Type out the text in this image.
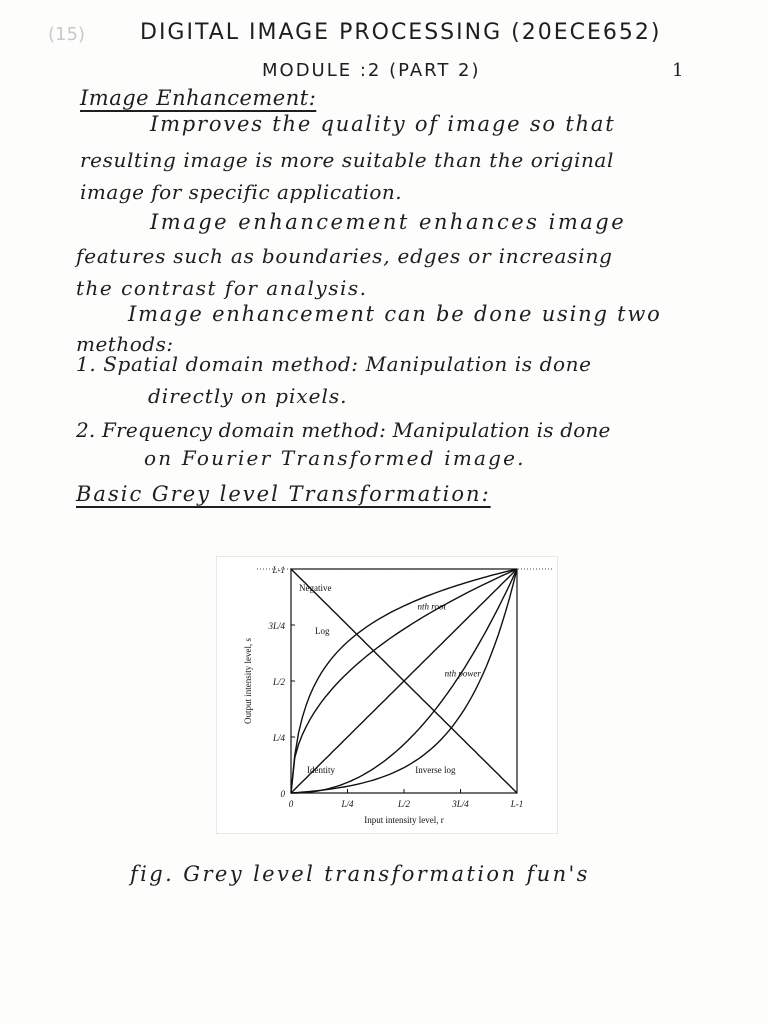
(15)	DIGITAL IMAGE PROCESSING (20ECE652)
MODULE :2 (PART 2)	1
Image Enhancement:
Improves the quality of image so that
resulting image is more suitable than the original
image for specific application.
Image enhancement enhances image
features such as boundaries, edges or increasing
the contrast for analysis.
Image enhancement can be done using two
methods:
1. Spatial domain method: Manipulation is done
directly on pixels.
2. Frequency domain method: Manipulation is done
on Fourier Transformed image.
Basic Grey level Transformation:
L-1
3L/4
L/2
L/4
0
0	L/4	L/2	3L/4	L-1
Input intensity level, r
Output intensity level, s
Negative
nth root
Log
nth power
Identity	Inverse log
fig. Grey level transformation fun's
